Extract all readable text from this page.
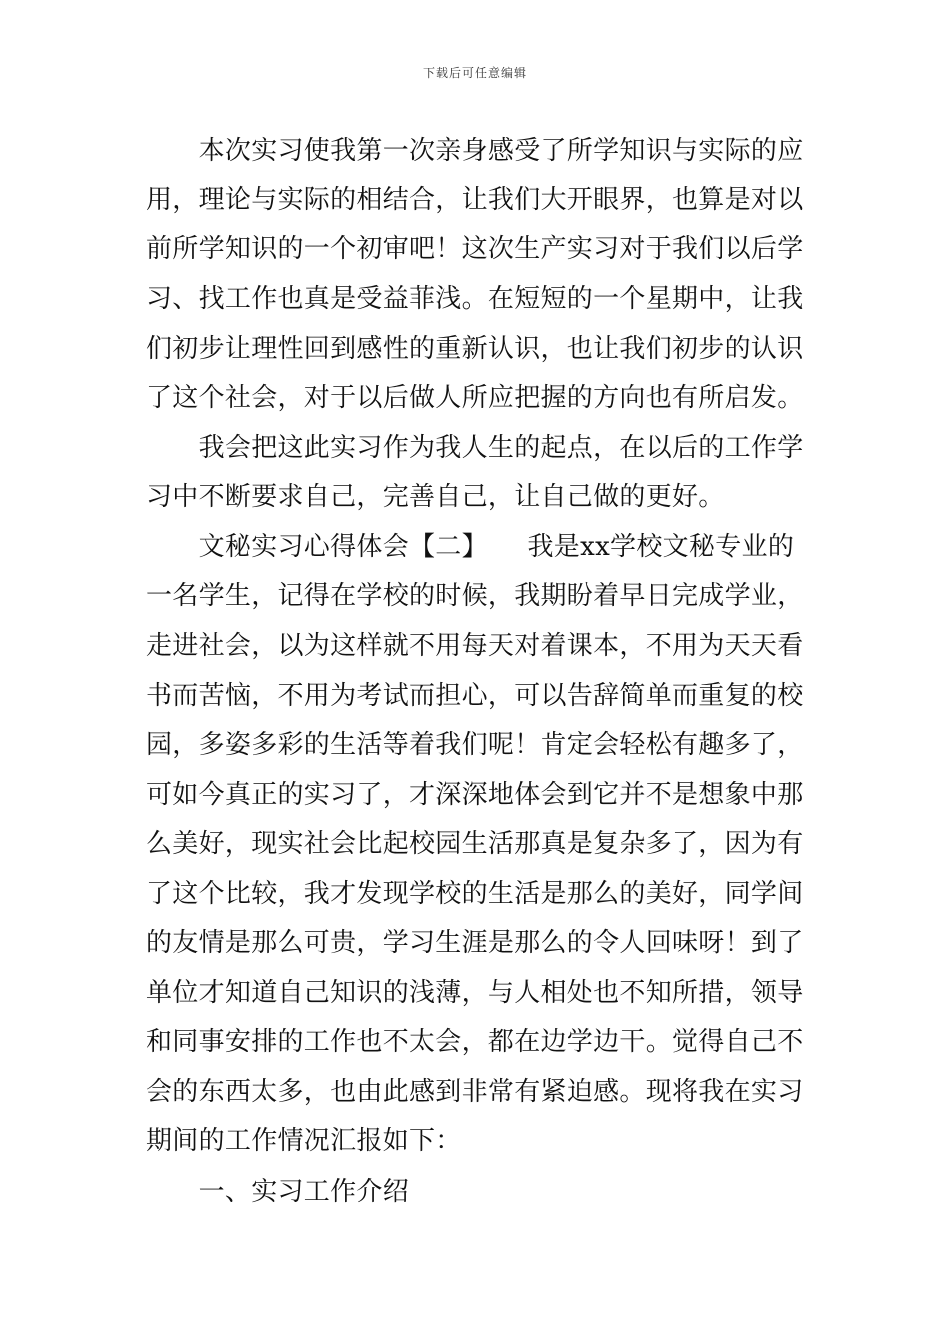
下载后可任意编辑
　　本次实习使我第一次亲身感受了所学知识与实际的应
用，理论与实际的相结合，让我们大开眼界，也算是对以
前所学知识的一个初审吧！这次生产实习对于我们以后学
习、找工作也真是受益菲浅。在短短的一个星期中，让我
们初步让理性回到感性的重新认识，也让我们初步的认识
了这个社会，对于以后做人所应把握的方向也有所启发。
　　我会把这此实习作为我人生的起点，在以后的工作学
习中不断要求自己，完善自己，让自己做的更好。
　　文秘实习心得体会【二】　　我是xx学校文秘专业的
一名学生，记得在学校的时候，我期盼着早日完成学业，
走进社会，以为这样就不用每天对着课本，不用为天天看
书而苦恼，不用为考试而担心，可以告辞简单而重复的校
园，多姿多彩的生活等着我们呢！肯定会轻松有趣多了，
可如今真正的实习了，才深深地体会到它并不是想象中那
么美好，现实社会比起校园生活那真是复杂多了，因为有
了这个比较，我才发现学校的生活是那么的美好，同学间
的友情是那么可贵，学习生涯是那么的令人回味呀！到了
单位才知道自己知识的浅薄，与人相处也不知所措，领导
和同事安排的工作也不太会，都在边学边干。觉得自己不
会的东西太多，也由此感到非常有紧迫感。现将我在实习
期间的工作情况汇报如下：
　　一、实习工作介绍
